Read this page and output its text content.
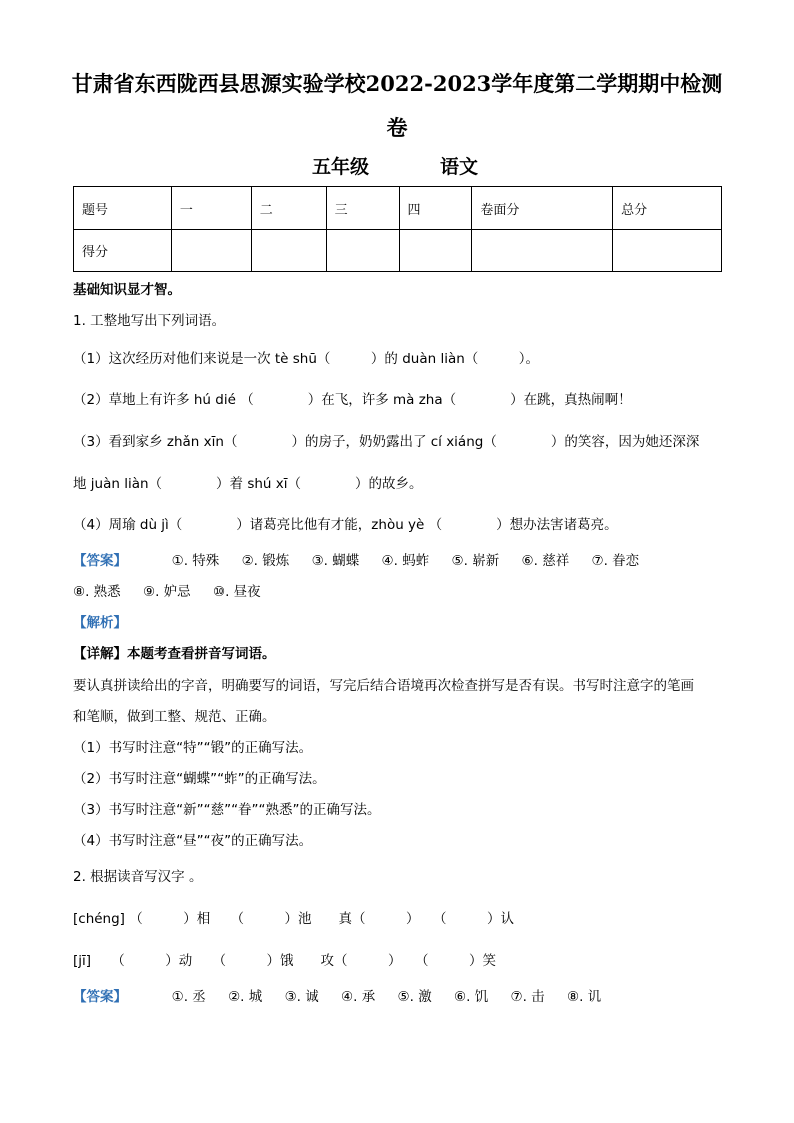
甘肃省东西陇西县思源实验学校2022-2023学年度第二学期期中检测
卷
五年级	语文
题号	一	二	三	四	卷面分	总分
得分						
基础知识显才智。
1. 工整地写出下列词语。
（1）这次经历对他们来说是一次 tè shū（　　　）的 duàn liàn（　　　）。
（2）草地上有许多 hú dié （　　　　）在飞，许多 mà zha（　　　　）在跳，真热闹啊！
（3）看到家乡 zhǎn xīn（　　　　）的房子，奶奶露出了 cí xiáng（　　　　）的笑容，因为她还深深
地 juàn liàn（　　　　）着 shú xī（　　　　）的故乡。
（4）周瑜 dù jì（　　　　）诸葛亮比他有才能，zhòu yè （　　　　）想办法害诸葛亮。
【答案】	①. 特殊 ②. 锻炼 ③. 蝴蝶 ④. 蚂蚱 ⑤. 崭新 ⑥. 慈祥 ⑦. 眷恋
⑧. 熟悉 ⑨. 妒忌 ⑩. 昼夜
【解析】
【详解】本题考查看拼音写词语。
要认真拼读给出的字音，明确要写的词语，写完后结合语境再次检查拼写是否有误。书写时注意字的笔画
和笔顺，做到工整、规范、正确。
（1）书写时注意“特”“锻”的正确写法。
（2）书写时注意“蝴蝶”“蚱”的正确写法。
（3）书写时注意“新”“慈”“眷”“熟悉”的正确写法。
（4）书写时注意“昼”“夜”的正确写法。
2. 根据读音写汉字 。
[chéng] （　　　）相　　（　　　）池　　真（　　　）　　（　　　）认
[jī]　　（　　　）动　　（　　　）饿　　攻（　　　）　　（　　　）笑
【答案】	①. 丞 ②. 城 ③. 诚 ④. 承 ⑤. 激 ⑥. 饥 ⑦. 击 ⑧. 讥
